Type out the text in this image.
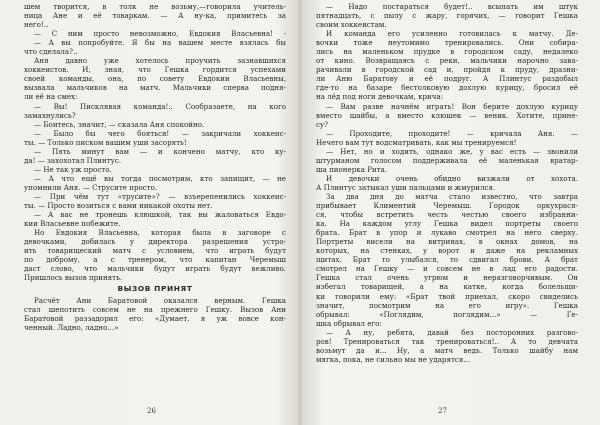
шем творится, в толк не возьму,—говорила учитель-
ница Ане и её товаркам. — А ну-ка, примитесь за
него!..
— С ним просто невозможно, Евдокия Власьевна! -
— А вы попробуйте. Я бы на вашем месте взялась бы
что сделала?..
Аня давно уже хотелось проучить зазнавшихся
хоккеистов. И, зная, что Гешка гордится успехами
своей команды, она, по совету Евдокии Власьевны,
вызвала мальчиков на матч. Мальчики сперва подня-
ли её на смех:
— Вы! Писклявая команда!.. Сообразаете, на кого
замахнулись?
— Боитесь, значит, — сказала Аня спокойно.
— Было бы чего бояться! — закричали хоккеис-
ты. — Только писком вашим уши засорять!
— Пять минут вам — и кончено матчу, кто ку-
да! — захохотал Плинтус.
— Не так уж просто.
— А что ещё вы тогда посмотрим, кто запищит, — не
упомнили Аня. — Струсите просто.
— При чём тут «трусите»? — взъерепенились хоккеис-
ты. — Просто возиться с вами никакой охоты нет.
— А вас не тронешь клюшкой, так вы жаловаться Евдо-
кии Власьевне побежите.
Но Евдокия Власьевна, которая была в заговоре с
девочками, добилась у директора разрешения устро-
ить товарищеский матч с условием, что играть будут
по доброму, а с тренером, что капитан Черемыш
даст слово, что мальчики будут играть будут вежливо.
Пришлось вызов принять.
ВЫЗОВ ПРИНЯТ
Расчёт Ани Баратовой оказался верным. Гешка
стал шепотить совсем не на прежнего Гешку. Вызов Ани
Баратовой раззадорил его: «Думает, я уж вовсе кон-
ченный. Ладно, ладно...»
26
— Надо постараться будет!.. всыпать им штук
пятнадцать, с пылу с жару, горячих, — говорит Гешка
своим хоккеистам.
И команда его усиленно готовилась к матчу. Де-
вочки тоже неутомимо тренировались. Они собира-
лись на маленьком прудке в городском саду, недалеко
от кино. Возвращаясь с реки, мальчики нарочно зава-
рачивали в городской сад и, пройдя к пруду, дразни-
ли Аню Баратову и её подруг. А Плинтус раздобыл
где-то на базаре бестолковую дохлую курицу, бросил её
на лёд под ноги девочкам, крича:
— Вам разве начнём играть! Вон берите дохлую курицу
вместо шайбы, а вместо клюшек — веник. Хотите, прине-
су?
— Проходите, проходите! — кричала Аня. —
Нечего вам тут водсматривать, как мы тренируемся!
— Нет, но и ходить, однако же, у вас есть — звонили
штурманом голосом поддерживала её маленькая вратар-
ша пионерка Рита.
И девочки очень обидно визжали от хохота.
А Плинтус затыкал уши пальцами и жмурился.
За два дня до матча стало известно, что завтра
прибывает Климентий Черемыш. Городок оркухрася-
ся, чтобы встретить честь честью своего избранни-
ка. На каждом углу Гешка видел портреты своего
брата. Брат в упор и лукаво смотрел на него сверху.
Портреты висели на витринах, в окнах домов, на
которых, на стенках, у ворот и даже на рекламных
щитах. Брат то улыбался, то сдвигал брови. А брат
смотрел на Гешку — и совсем не в лад его радости.
Гешка стал очень угрюм и неразговорчивым. Он
избегал товарищей, а на катке, когда болельщи-
ки говорили ему: «Брат твой приехал, скоро свиделись
значит, посмотрим на его игру». Гешка
обрывал: «Поглядим, поглядим...» — Ге-
шка обрывал его:
— А ну, ребята, давай без посторонних разгово-
ров! Тренироваться так тренироваться!.. А то девчата
возьмут да и... Ну, а матч ведь. Только шайбу нам
мягка, пока, не сильно мы не ударятся...
27
